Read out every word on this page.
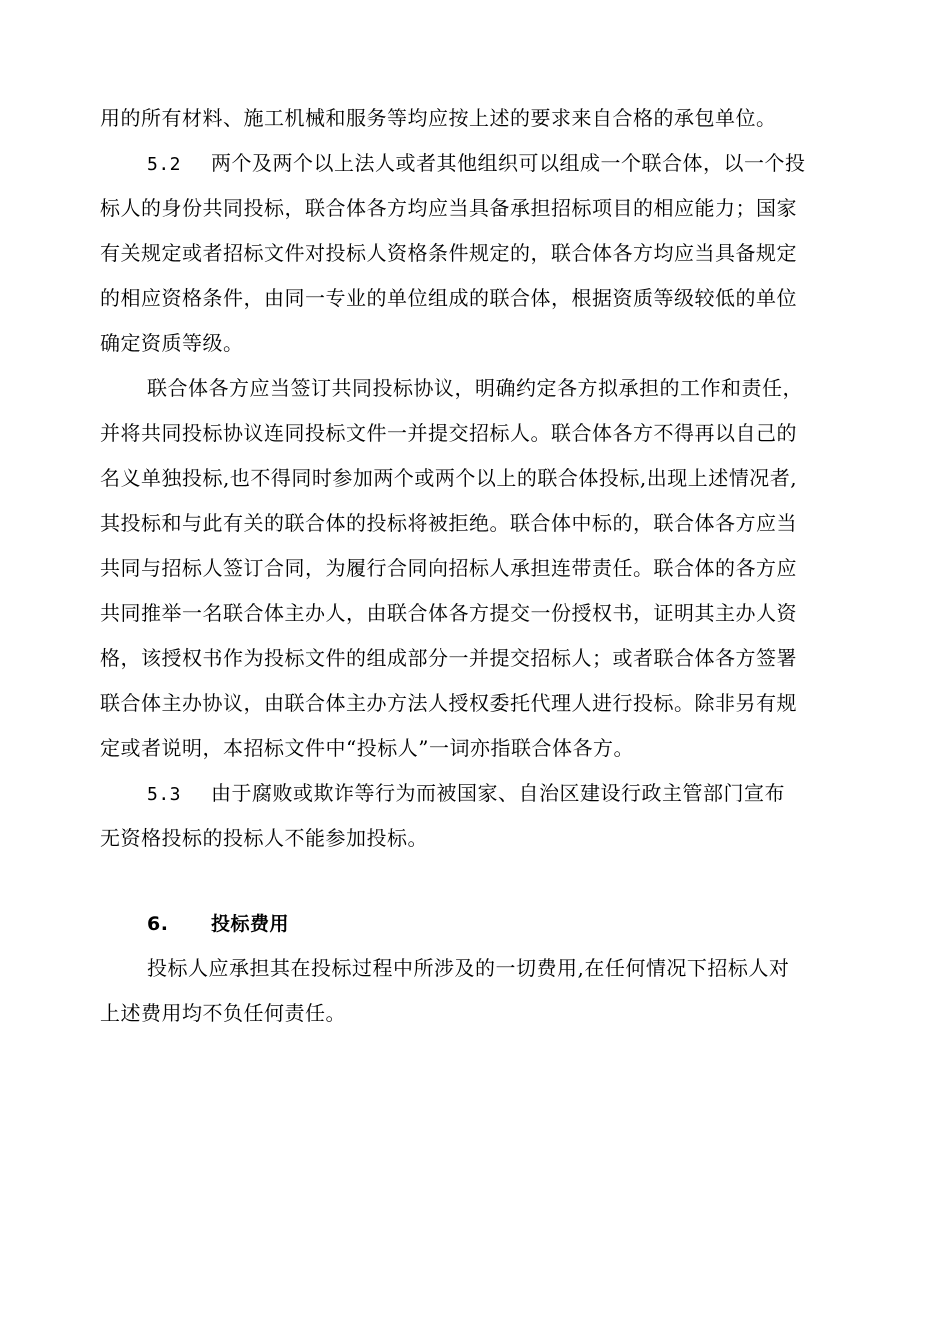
用的所有材料、施工机械和服务等均应按上述的要求来自合格的承包单位。
5.2 两个及两个以上法人或者其他组织可以组成一个联合体，以一个投
标人的身份共同投标，联合体各方均应当具备承担招标项目的相应能力；国家
有关规定或者招标文件对投标人资格条件规定的，联合体各方均应当具备规定
的相应资格条件，由同一专业的单位组成的联合体，根据资质等级较低的单位
确定资质等级。
联合体各方应当签订共同投标协议，明确约定各方拟承担的工作和责任，
并将共同投标协议连同投标文件一并提交招标人。联合体各方不得再以自己的
名义单独投标,也不得同时参加两个或两个以上的联合体投标,出现上述情况者,
其投标和与此有关的联合体的投标将被拒绝。联合体中标的，联合体各方应当
共同与招标人签订合同，为履行合同向招标人承担连带责任。联合体的各方应
共同推举一名联合体主办人，由联合体各方提交一份授权书，证明其主办人资
格，该授权书作为投标文件的组成部分一并提交招标人；或者联合体各方签署
联合体主办协议，由联合体主办方法人授权委托代理人进行投标。除非另有规
定或者说明，本招标文件中“投标人”一词亦指联合体各方。
5.3 由于腐败或欺诈等行为而被国家、自治区建设行政主管部门宣布
无资格投标的投标人不能参加投标。
6. 投标费用
投标人应承担其在投标过程中所涉及的一切费用,在任何情况下招标人对
上述费用均不负任何责任。
